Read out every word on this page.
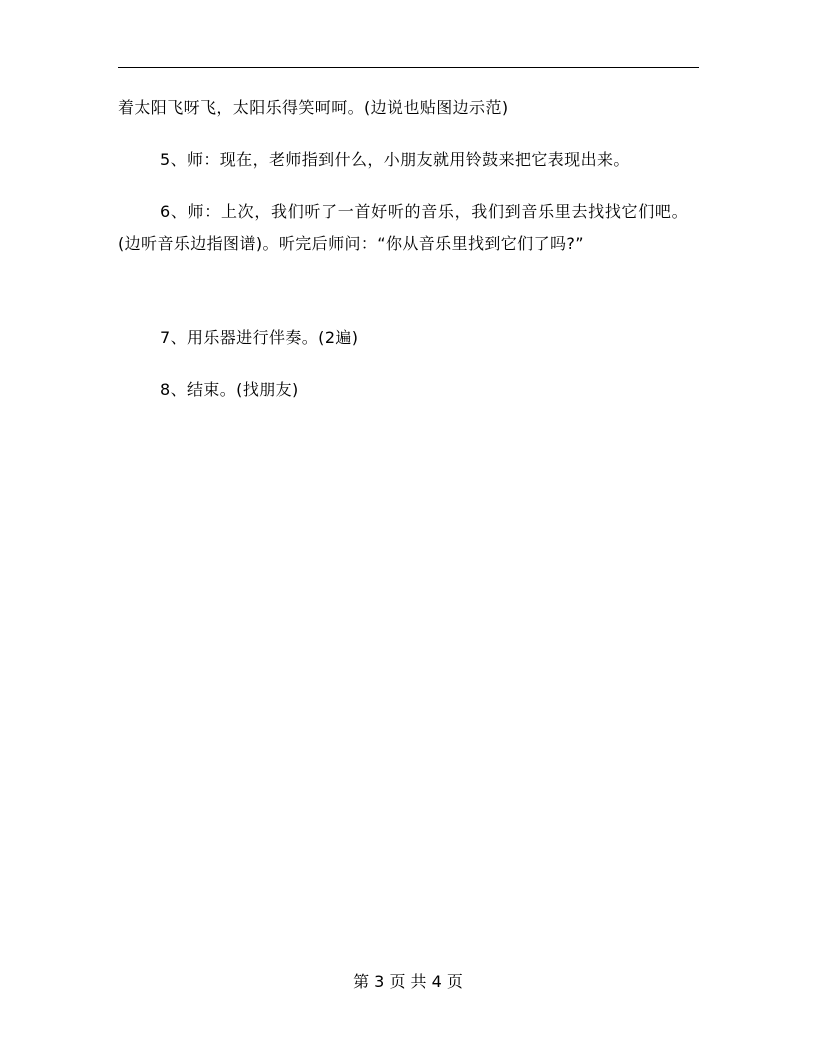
着太阳飞呀飞，太阳乐得笑呵呵。(边说也贴图边示范)

5、师：现在，老师指到什么，小朋友就用铃鼓来把它表现出来。

6、师：上次，我们听了一首好听的音乐，我们到音乐里去找找它们吧。(边听音乐边指图谱)。听完后师问：“你从音乐里找到它们了吗?”

7、用乐器进行伴奏。(2遍)

8、结束。(找朋友)

第 3 页 共 4 页
